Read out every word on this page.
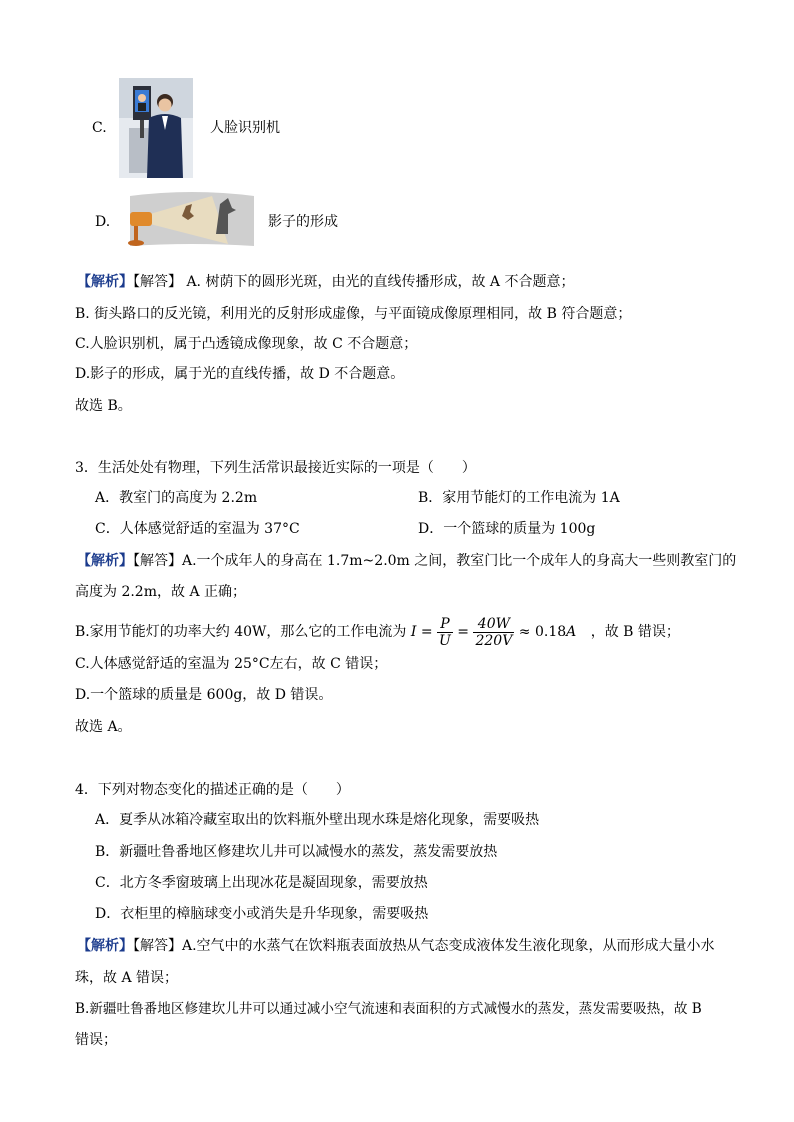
C.	人脸识别机
D.	影子的形成
【解析】【解答】 A. 树荫下的圆形光斑，由光的直线传播形成，故 A 不合题意；
B. 街头路口的反光镜，利用光的反射形成虚像，与平面镜成像原理相同，故 B 符合题意；
C.人脸识别机，属于凸透镜成像现象，故 C 不合题意；
D.影子的形成，属于光的直线传播，故 D 不合题意。
故选 B。
3．生活处处有物理，下列生活常识最接近实际的一项是（　　）
A．教室门的高度为 2.2m	B．家用节能灯的工作电流为 1A
C．人体感觉舒适的室温为 37°C	D．一个篮球的质量为 100g
【解析】【解答】A.一个成年人的身高在 1.7m~2.0m 之间，教室门比一个成年人的身高大一些则教室门的
高度为 2.2m，故 A 正确；
B.家用节能灯的功率大约 40W，那么它的工作电流为 $I = \frac{P}{U} = \frac{40W}{220V} \approx 0.18A$ ，故 B 错误；
C.人体感觉舒适的室温为 25°C左右，故 C 错误；
D.一个篮球的质量是 600g，故 D 错误。
故选 A。
4．下列对物态变化的描述正确的是（　　）
A．夏季从冰箱冷藏室取出的饮料瓶外壁出现水珠是熔化现象，需要吸热
B．新疆吐鲁番地区修建坎儿井可以减慢水的蒸发，蒸发需要放热
C．北方冬季窗玻璃上出现冰花是凝固现象，需要放热
D．衣柜里的樟脑球变小或消失是升华现象，需要吸热
【解析】【解答】A.空气中的水蒸气在饮料瓶表面放热从气态变成液体发生液化现象，从而形成大量小水
珠，故 A 错误；
B.新疆吐鲁番地区修建坎儿井可以通过减小空气流速和表面积的方式减慢水的蒸发，蒸发需要吸热，故 B
错误；
